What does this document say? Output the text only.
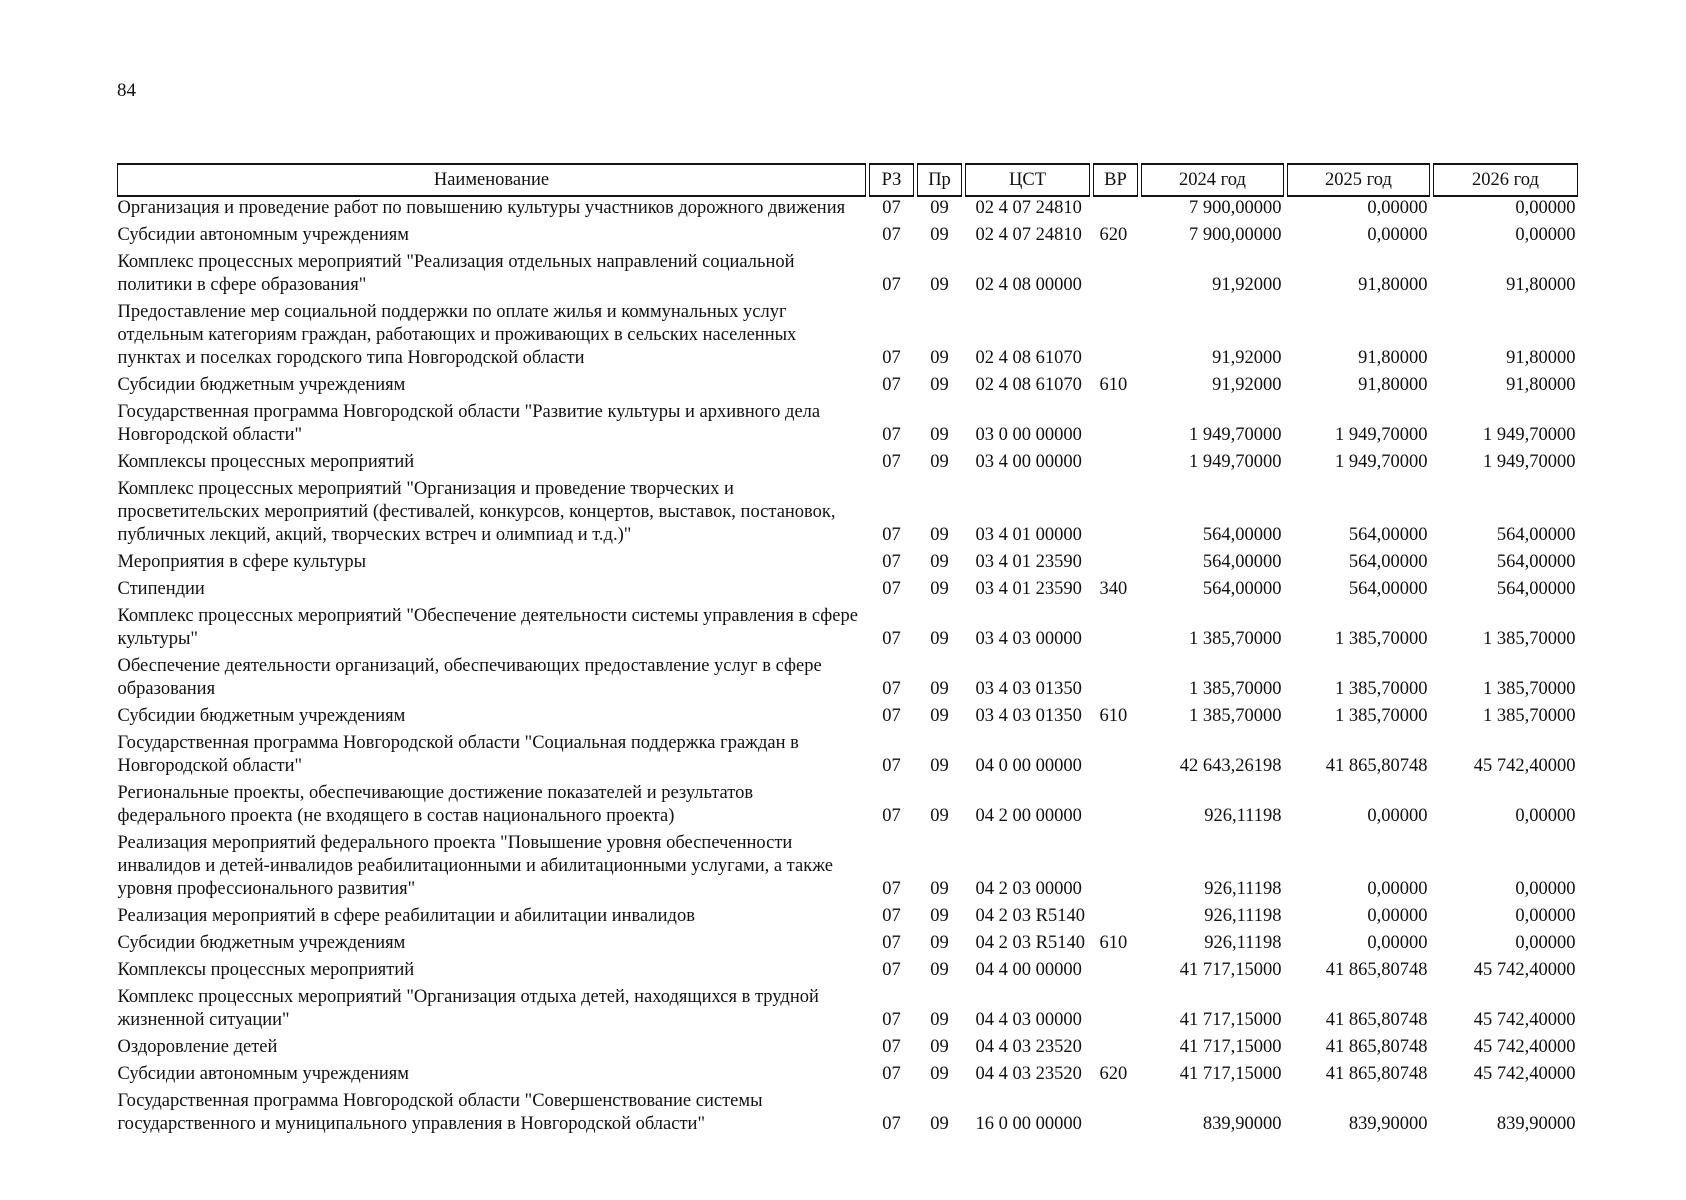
84
Наименование		РЗ		Пр		ЦСТ		ВР		2024 год		2025 год		2026 год
Организация и проведение работ по повышению культуры участников дорожного движения		07		09		02 4 07 24810				7 900,00000		0,00000		0,00000
Субсидии автономным учреждениям		07		09		02 4 07 24810		620		7 900,00000		0,00000		0,00000
Комплекс процессных мероприятий "Реализация отдельных направлений социальной политики в сфере образования"		07		09		02 4 08 00000				91,92000		91,80000		91,80000
Предоставление мер социальной поддержки по оплате жилья и коммунальных услуг отдельным категориям граждан, работающих и проживающих в сельских населенных пунктах и поселках городского типа Новгородской области		07		09		02 4 08 61070				91,92000		91,80000		91,80000
Субсидии бюджетным учреждениям		07		09		02 4 08 61070		610		91,92000		91,80000		91,80000
Государственная программа Новгородской области "Развитие культуры и архивного дела Новгородской области"		07		09		03 0 00 00000				1 949,70000		1 949,70000		1 949,70000
Комплексы процессных мероприятий		07		09		03 4 00 00000				1 949,70000		1 949,70000		1 949,70000
Комплекс процессных мероприятий "Организация и проведение творческих и просветительских мероприятий (фестивалей, конкурсов, концертов, выставок, постановок, публичных лекций, акций, творческих встреч и олимпиад и т.д.)"		07		09		03 4 01 00000				564,00000		564,00000		564,00000
Мероприятия в сфере культуры		07		09		03 4 01 23590				564,00000		564,00000		564,00000
Стипендии		07		09		03 4 01 23590		340		564,00000		564,00000		564,00000
Комплекс процессных мероприятий "Обеспечение деятельности системы управления в сфере культуры"		07		09		03 4 03 00000				1 385,70000		1 385,70000		1 385,70000
Обеспечение деятельности организаций, обеспечивающих предоставление услуг в сфере образования		07		09		03 4 03 01350				1 385,70000		1 385,70000		1 385,70000
Субсидии бюджетным учреждениям		07		09		03 4 03 01350		610		1 385,70000		1 385,70000		1 385,70000
Государственная программа Новгородской области "Социальная поддержка граждан в Новгородской области"		07		09		04 0 00 00000				42 643,26198		41 865,80748		45 742,40000
Региональные проекты, обеспечивающие достижение показателей и результатов федерального проекта (не входящего в состав национального проекта)		07		09		04 2 00 00000				926,11198		0,00000		0,00000
Реализация мероприятий федерального проекта "Повышение уровня обеспеченности инвалидов и детей-инвалидов реабилитационными и абилитационными услугами, а также уровня профессионального развития"		07		09		04 2 03 00000				926,11198		0,00000		0,00000
Реализация мероприятий в сфере реабилитации и абилитации инвалидов		07		09		04 2 03 R5140				926,11198		0,00000		0,00000
Субсидии бюджетным учреждениям		07		09		04 2 03 R5140		610		926,11198		0,00000		0,00000
Комплексы процессных мероприятий		07		09		04 4 00 00000				41 717,15000		41 865,80748		45 742,40000
Комплекс процессных мероприятий "Организация отдыха детей, находящихся в трудной жизненной ситуации"		07		09		04 4 03 00000				41 717,15000		41 865,80748		45 742,40000
Оздоровление детей		07		09		04 4 03 23520				41 717,15000		41 865,80748		45 742,40000
Субсидии автономным учреждениям		07		09		04 4 03 23520		620		41 717,15000		41 865,80748		45 742,40000
Государственная программа Новгородской области "Совершенствование системы государственного и муниципального управления в Новгородской области"		07		09		16 0 00 00000				839,90000		839,90000		839,90000
